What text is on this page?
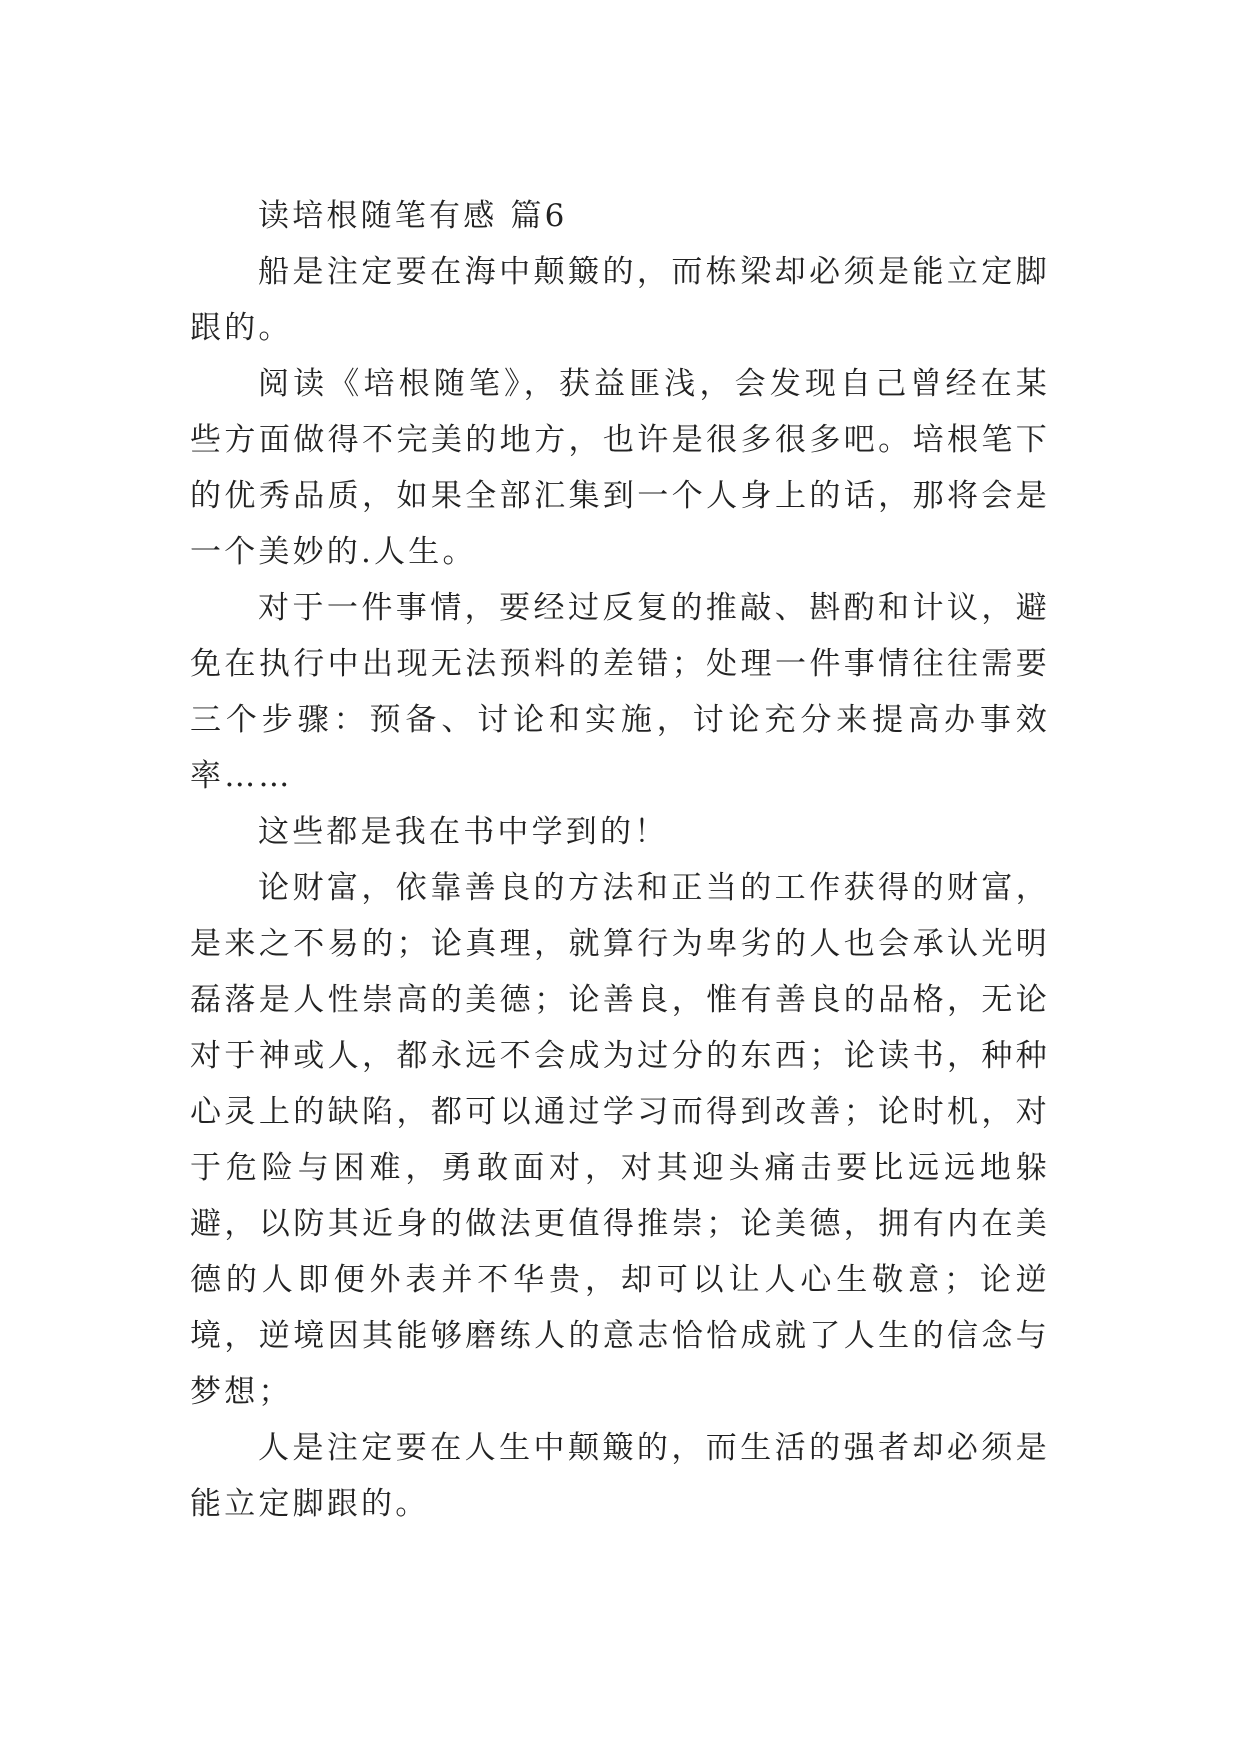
读培根随笔有感 篇6

船是注定要在海中颠簸的，而栋梁却必须是能立定脚跟的。

阅读《培根随笔》，获益匪浅，会发现自己曾经在某些方面做得不完美的地方，也许是很多很多吧。培根笔下的优秀品质，如果全部汇集到一个人身上的话，那将会是一个美妙的.人生。

对于一件事情，要经过反复的推敲、斟酌和计议，避免在执行中出现无法预料的差错；处理一件事情往往需要三个步骤：预备、讨论和实施，讨论充分来提高办事效率……

这些都是我在书中学到的！

论财富，依靠善良的方法和正当的工作获得的财富，是来之不易的；论真理，就算行为卑劣的人也会承认光明磊落是人性崇高的美德；论善良，惟有善良的品格，无论对于神或人，都永远不会成为过分的东西；论读书，种种心灵上的缺陷，都可以通过学习而得到改善；论时机，对于危险与困难，勇敢面对，对其迎头痛击要比远远地躲避，以防其近身的做法更值得推崇；论美德，拥有内在美德的人即便外表并不华贵，却可以让人心生敬意；论逆境，逆境因其能够磨练人的意志恰恰成就了人生的信念与梦想；

人是注定要在人生中颠簸的，而生活的强者却必须是能立定脚跟的。
